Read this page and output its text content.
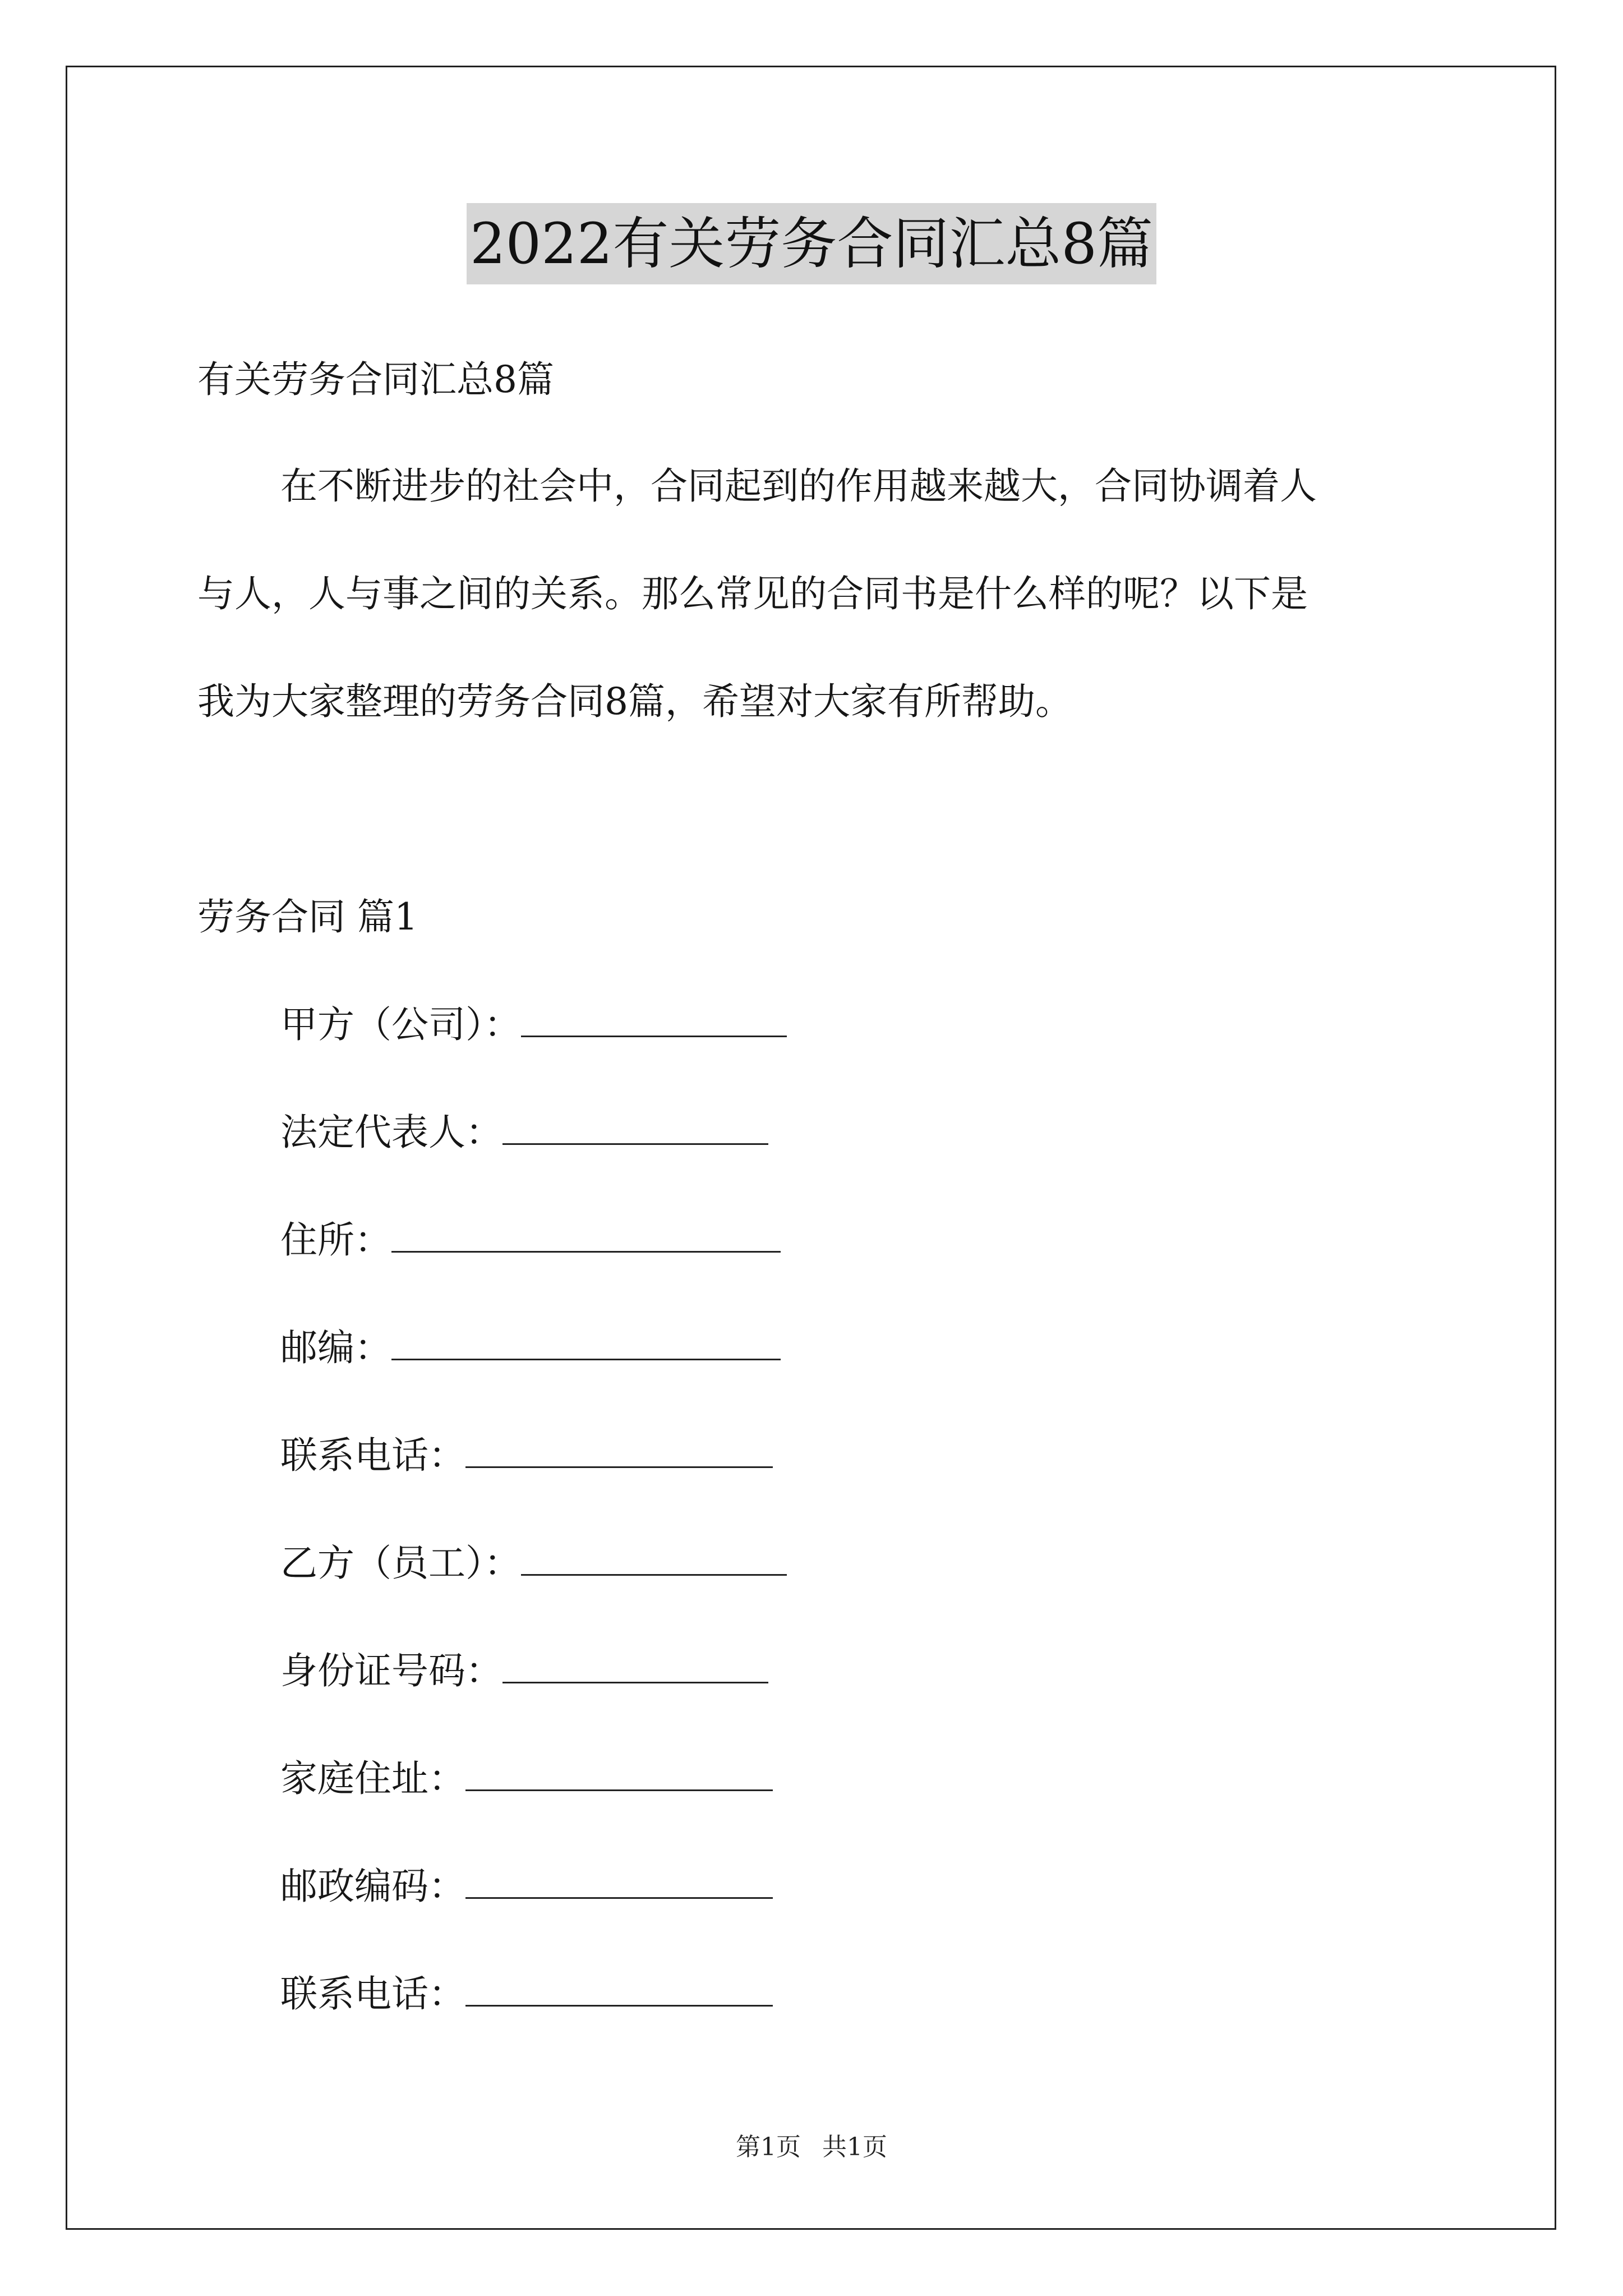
2022有关劳务合同汇总8篇
有关劳务合同汇总8篇
在不断进步的社会中，合同起到的作用越来越大，合同协调着人
与人，人与事之间的关系。那么常见的合同书是什么样的呢？以下是
我为大家整理的劳务合同8篇，希望对大家有所帮助。
劳务合同 篇1
甲方（公司）：
法定代表人：
住所：
邮编：
联系电话：
乙方（员工）：
身份证号码：
家庭住址：
邮政编码：
联系电话：
第1页 共1页
